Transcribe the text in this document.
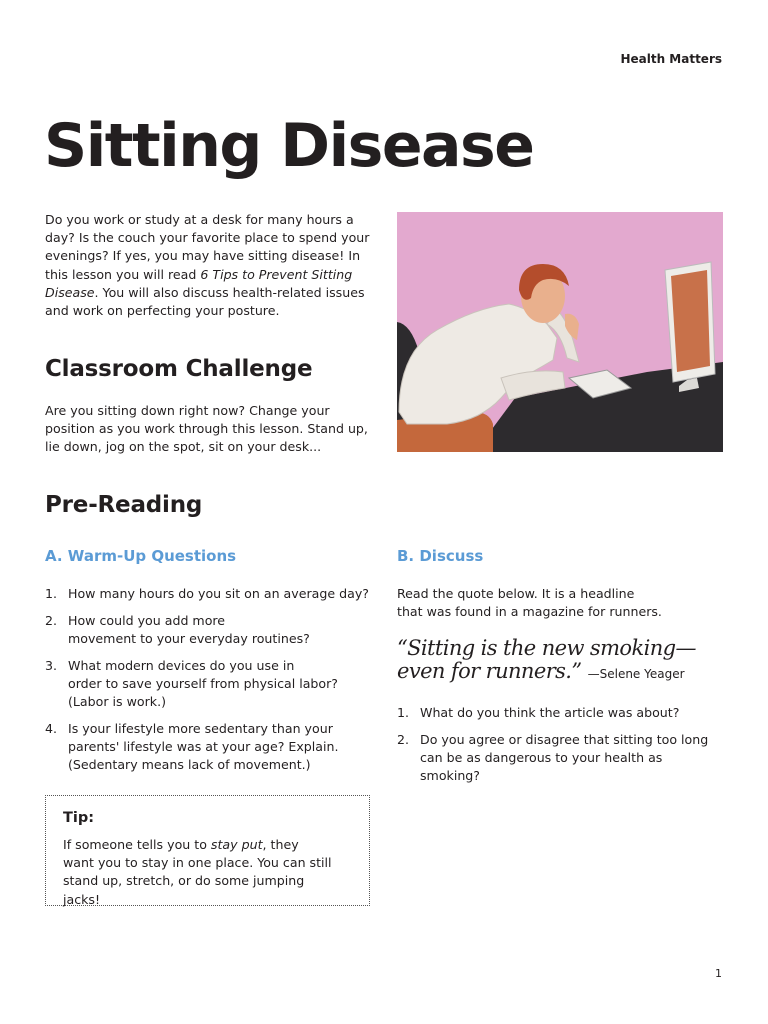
Health Matters
Sitting Disease

Do you work or study at a desk for many hours a day? Is the couch your favorite place to spend your evenings? If yes, you may have sitting disease! In this lesson you will read 6 Tips to Prevent Sitting Disease. You will also discuss health-related issues and work on perfecting your posture.

Classroom Challenge

Are you sitting down right now? Change your position as you work through this lesson. Stand up, lie down, jog on the spot, sit on your desk...

Pre-Reading
A. Warm-Up Questions
1. How many hours do you sit on an average day?
2. How could you add more
movement to your everyday routines?
3. What modern devices do you use in
order to save yourself from physical labor?
(Labor is work.)
4. Is your lifestyle more sedentary than your
parents' lifestyle was at your age? Explain.
(Sedentary means lack of movement.)
B. Discuss

Read the quote below. It is a headline
that was found in a magazine for runners.

“Sitting is the new smoking—even for runners.” —Selene Yeager

1. What do you think the article was about?
2. Do you agree or disagree that sitting too long
can be as dangerous to your health as smoking?
Tip:

If someone tells you to stay put, they want you to stay in one place. You can still stand up, stretch, or do some jumping jacks!

1
